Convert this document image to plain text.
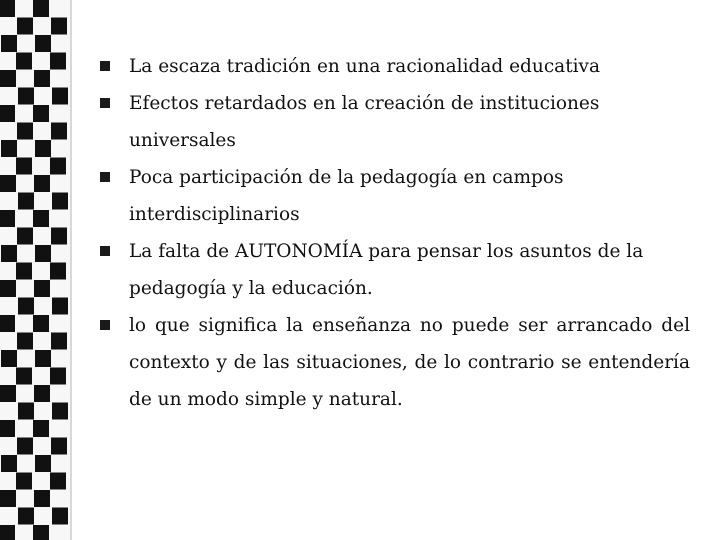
La escaza tradición en una racionalidad educativa
Efectos retardados en la creación de instituciones universales
Poca participación de la pedagogía en campos interdisciplinarios
La falta de AUTONOMÍA para pensar los asuntos de la pedagogía y la educación.
lo que significa la enseñanza no puede ser arrancado del contexto y de las situaciones, de lo contrario se entendería de un modo simple y natural.
